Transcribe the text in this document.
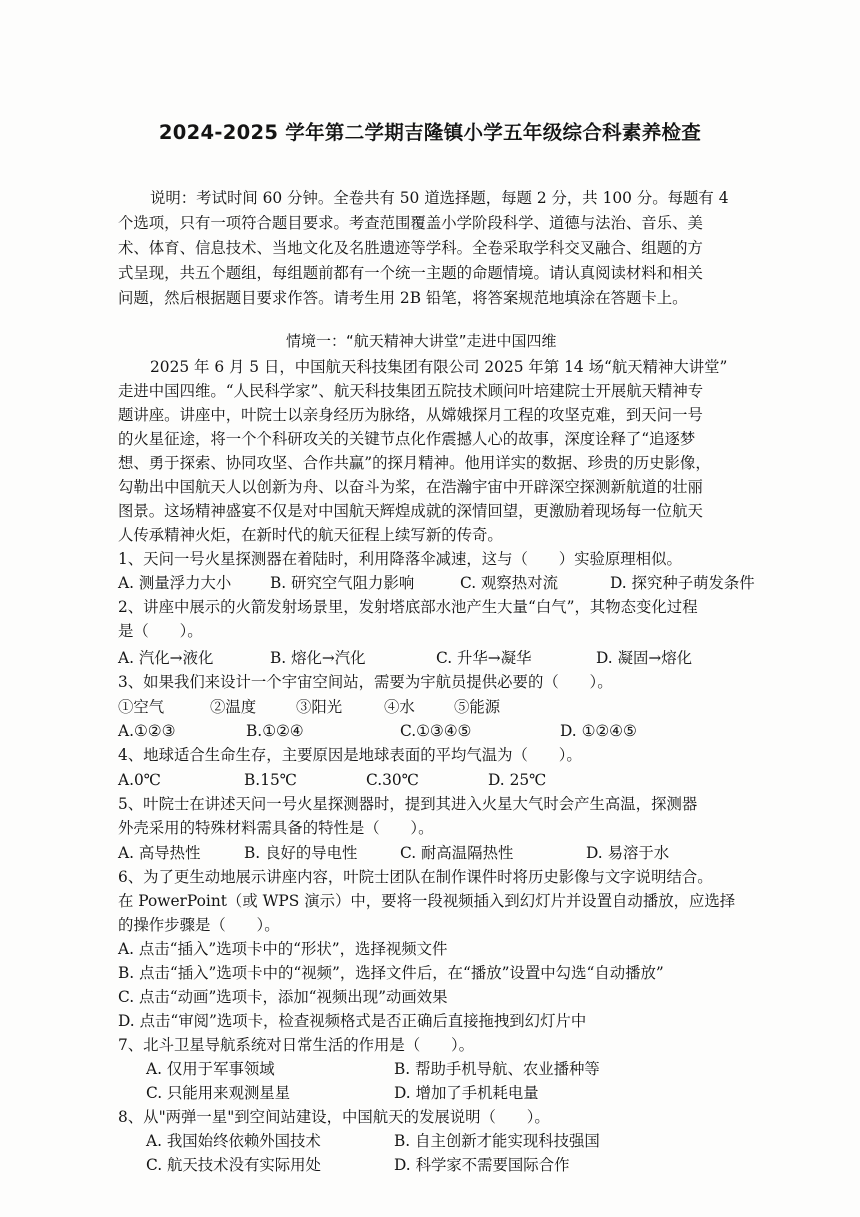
2024-2025 学年第二学期吉隆镇小学五年级综合科素养检查
说明：考试时间 60 分钟。全卷共有 50 道选择题，每题 2 分，共 100 分。每题有 4
个选项，只有一项符合题目要求。考查范围覆盖小学阶段科学、道德与法治、音乐、美
术、体育、信息技术、当地文化及名胜遗迹等学科。全卷采取学科交叉融合、组题的方
式呈现，共五个题组，每组题前都有一个统一主题的命题情境。请认真阅读材料和相关
问题，然后根据题目要求作答。请考生用 2B 铅笔，将答案规范地填涂在答题卡上。
情境一：“航天精神大讲堂”走进中国四维
2025 年 6 月 5 日，中国航天科技集团有限公司 2025 年第 14 场“航天精神大讲堂”
走进中国四维。“人民科学家”、航天科技集团五院技术顾问叶培建院士开展航天精神专
题讲座。讲座中，叶院士以亲身经历为脉络，从嫦娥探月工程的攻坚克难，到天问一号
的火星征途，将一个个科研攻关的关键节点化作震撼人心的故事，深度诠释了“追逐梦
想、勇于探索、协同攻坚、合作共赢”的探月精神。他用详实的数据、珍贵的历史影像，
勾勒出中国航天人以创新为舟、以奋斗为桨，在浩瀚宇宙中开辟深空探测新航道的壮丽
图景。这场精神盛宴不仅是对中国航天辉煌成就的深情回望，更激励着现场每一位航天
人传承精神火炬，在新时代的航天征程上续写新的传奇。
1、天问一号火星探测器在着陆时，利用降落伞减速，这与（　　）实验原理相似。
A. 测量浮力大小	B. 研究空气阻力影响	C. 观察热对流	D. 探究种子萌发条件
2、讲座中展示的火箭发射场景里，发射塔底部水池产生大量“白气”，其物态变化过程
是（　　）。
A. 汽化→液化	B. 熔化→汽化	C. 升华→凝华	D. 凝固→熔化
3、如果我们来设计一个宇宙空间站，需要为宇航员提供必要的（　　）。
①空气	②温度	③阳光	④水	⑤能源
A.①②③	B.①②④	C.①③④⑤	D. ①②④⑤
4、地球适合生命生存，主要原因是地球表面的平均气温为（　　）。
A.0℃	B.15℃	C.30℃	D. 25℃
5、叶院士在讲述天问一号火星探测器时，提到其进入火星大气时会产生高温，探测器
外壳采用的特殊材料需具备的特性是（　　）。
A. 高导热性	B. 良好的导电性	C. 耐高温隔热性	D. 易溶于水
6、为了更生动地展示讲座内容，叶院士团队在制作课件时将历史影像与文字说明结合。
在 PowerPoint（或 WPS 演示）中，要将一段视频插入到幻灯片并设置自动播放，应选择
的操作步骤是（　　）。
A. 点击“插入”选项卡中的“形状”，选择视频文件
B. 点击“插入”选项卡中的“视频”，选择文件后，在“播放”设置中勾选“自动播放”
C. 点击“动画”选项卡，添加“视频出现”动画效果
D. 点击“审阅”选项卡，检查视频格式是否正确后直接拖拽到幻灯片中
7、北斗卫星导航系统对日常生活的作用是（　　）。
A. 仅用于军事领域	B. 帮助手机导航、农业播种等
C. 只能用来观测星星	D. 增加了手机耗电量
8、从"两弹一星"到空间站建设，中国航天的发展说明（　　）。
A. 我国始终依赖外国技术	B. 自主创新才能实现科技强国
C. 航天技术没有实际用处	D. 科学家不需要国际合作
